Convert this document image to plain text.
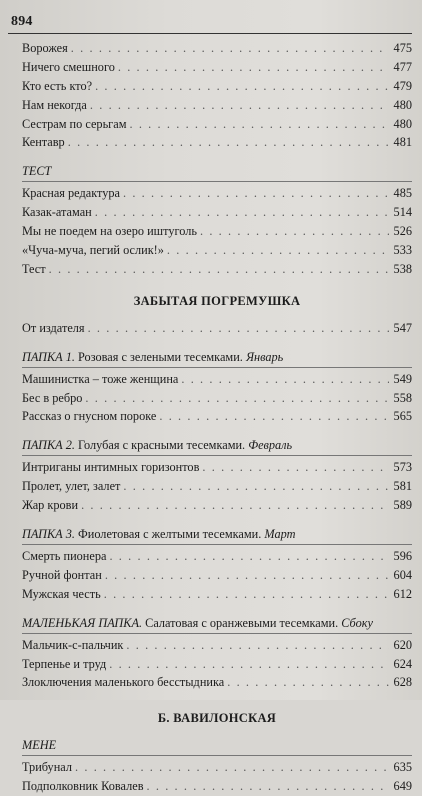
894
Ворожея . . .	475
Ничего смешного . . .	477
Кто есть кто? . . .	479
Нам некогда . . .	480
Сестрам по серьгам . . .	480
Кентавр . . .	481
ТЕСТ
Красная редактура . . .	485
Казак-атаман . . .	514
Мы не поедем на озеро иштуголь . . .	526
«Чуча-муча, пегий ослик!» . . .	533
Тест . . .	538
ЗАБЫТАЯ ПОГРЕМУШКА
От издателя . . .	547
ПАПКА 1. Розовая с зелеными тесемками. Январь
Машинистка – тоже женщина . . .	549
Бес в ребро . . .	558
Рассказ о гнусном пороке . . .	565
ПАПКА 2. Голубая с красными тесемками. Февраль
Интриганы интимных горизонтов . . .	573
Пролет, улет, залет . . .	581
Жар крови . . .	589
ПАПКА 3. Фиолетовая с желтыми тесемками. Март
Смерть пионера . . .	596
Ручной фонтан . . .	604
Мужская честь . . .	612
МАЛЕНЬКАЯ ПАПКА. Салатовая с оранжевыми тесемками. Сбоку
Мальчик-с-пальчик . . .	620
Терпенье и труд . . .	624
Злоключения маленького бесстыдника . . .	628
Б. ВАВИЛОНСКАЯ
МЕНЕ
Трибунал . . .	635
Подполковник Ковалев . . .	649
